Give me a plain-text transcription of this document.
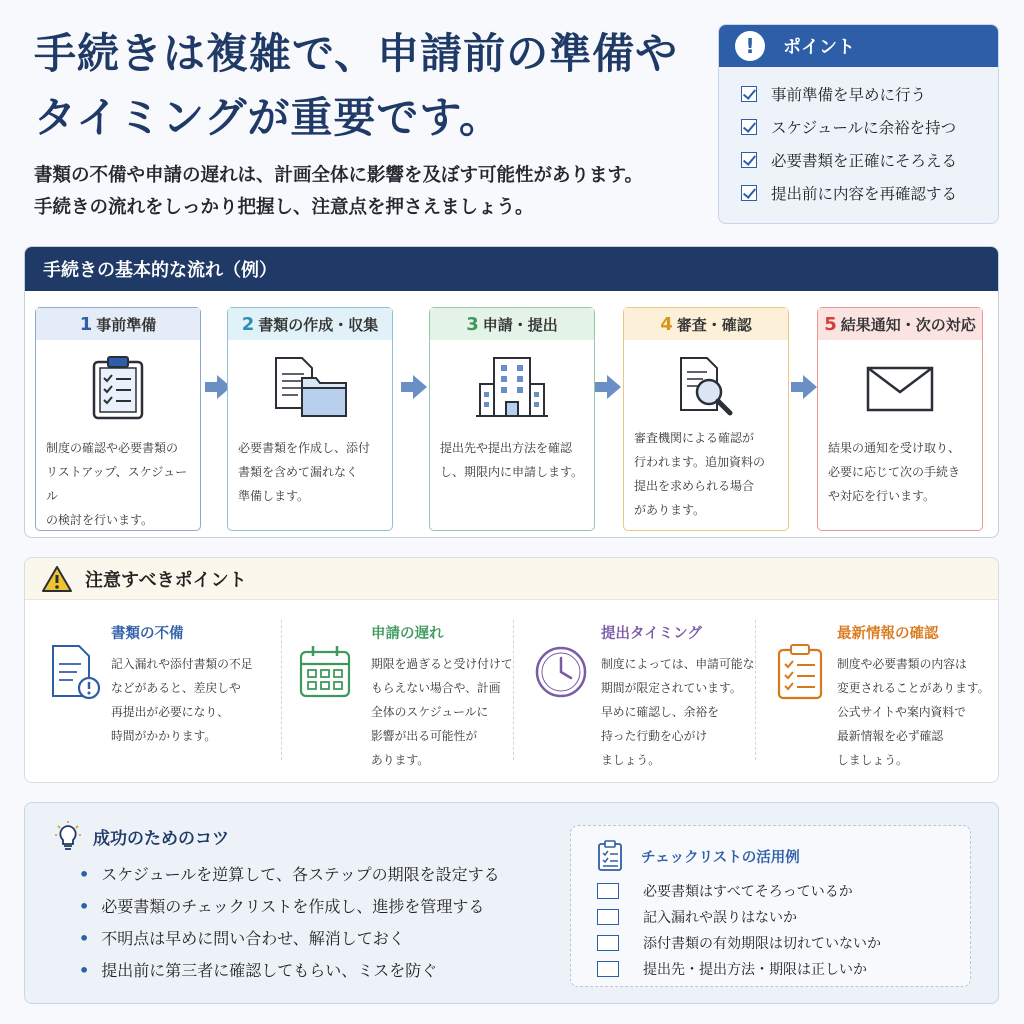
手続きは複雑で、申請前の準備や
タイミングが重要です。
書類の不備や申請の遅れは、計画全体に影響を及ぼす可能性があります。
手続きの流れをしっかり把握し、注意点を押さえましょう。
!	ポイント
事前準備を早めに行う
スケジュールに余裕を持つ
必要書類を正確にそろえる
提出前に内容を再確認する
手続きの基本的な流れ（例）
1 事前準備
制度の確認や必要書類の
リストアップ、スケジュール
の検討を行います。
2 書類の作成・収集
必要書類を作成し、添付
書類を含めて漏れなく
準備します。
3 申請・提出
提出先や提出方法を確認
し、期限内に申請します。
4 審査・確認
審査機関による確認が
行われます。追加資料の
提出を求められる場合
があります。
5 結果通知・次の対応
結果の通知を受け取り、
必要に応じて次の手続き
や対応を行います。
注意すべきポイント
書類の不備
記入漏れや添付書類の不足
などがあると、差戻しや
再提出が必要になり、
時間がかかります。
申請の遅れ
期限を過ぎると受け付けて
もらえない場合や、計画
全体のスケジュールに
影響が出る可能性が
あります。
提出タイミング
制度によっては、申請可能な
期間が限定されています。
早めに確認し、余裕を
持った行動を心がけ
ましょう。
最新情報の確認
制度や必要書類の内容は
変更されることがあります。
公式サイトや案内資料で
最新情報を必ず確認
しましょう。
成功のためのコツ
• スケジュールを逆算して、各ステップの期限を設定する
• 必要書類のチェックリストを作成し、進捗を管理する
• 不明点は早めに問い合わせ、解消しておく
• 提出前に第三者に確認してもらい、ミスを防ぐ
チェックリストの活用例
必要書類はすべてそろっているか
記入漏れや誤りはないか
添付書類の有効期限は切れていないか
提出先・提出方法・期限は正しいか
